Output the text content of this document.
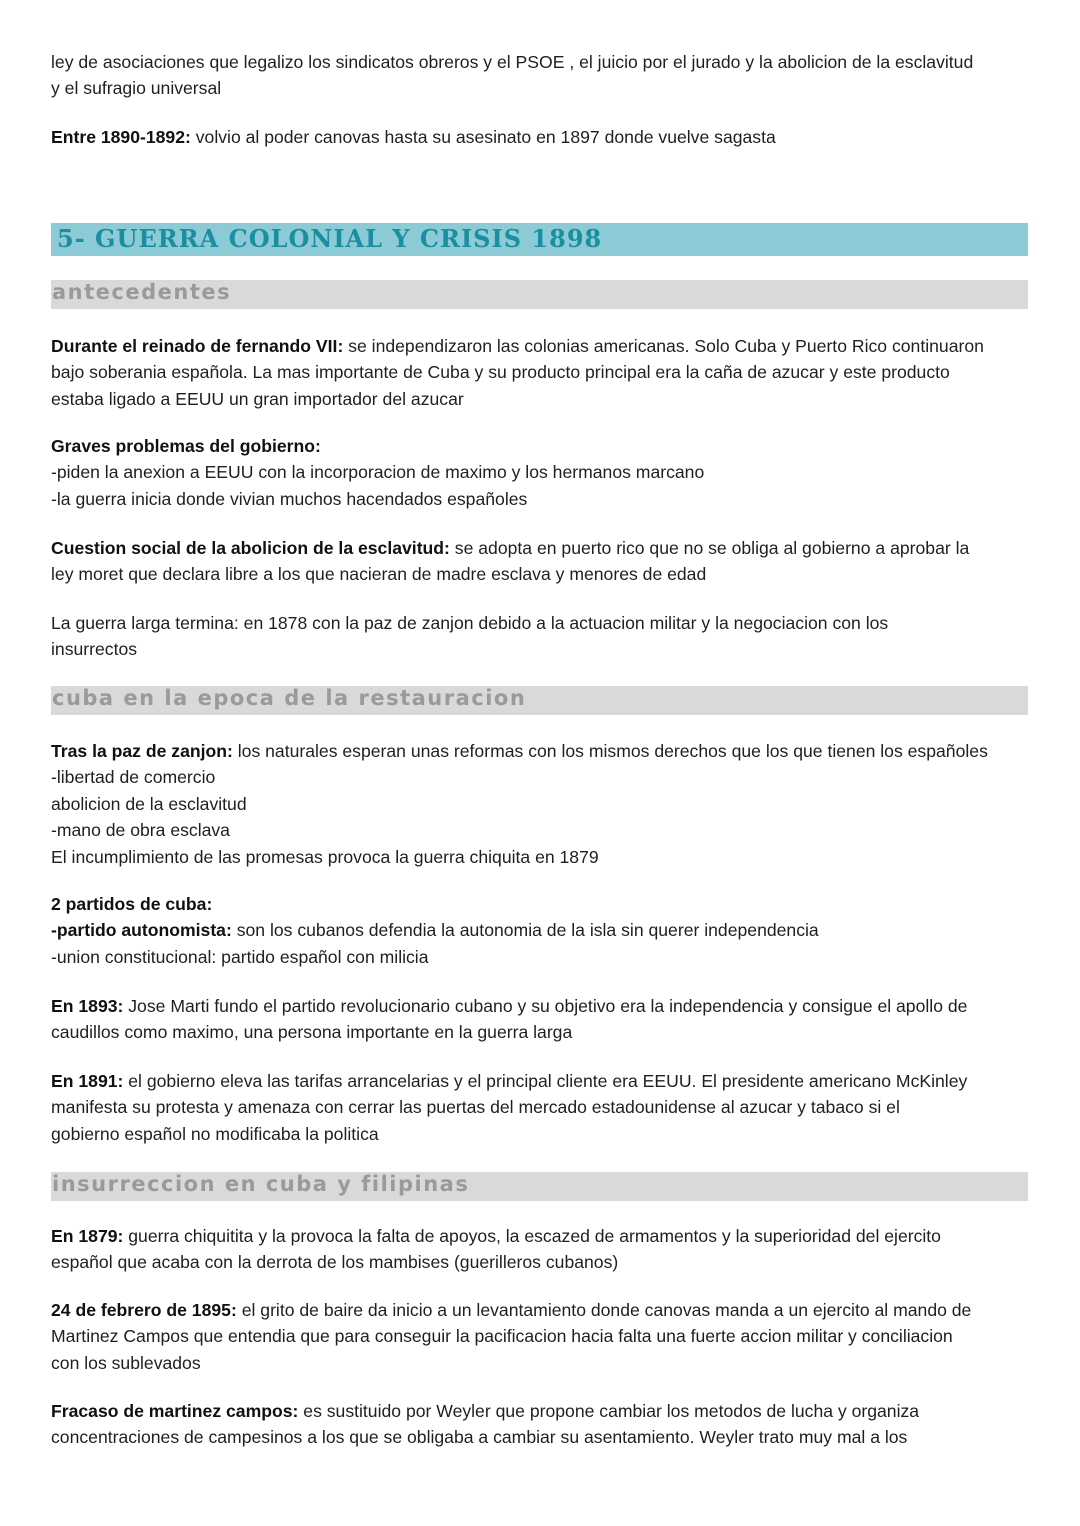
5- GUERRA COLONIAL Y CRISIS 1898
antecedentes
cuba en la epoca de la restauracion
insurreccion en cuba y filipinas
ley de asociaciones que legalizo los sindicatos obreros y el PSOE , el juicio por el jurado y la abolicion de la esclavitud
y el sufragio universal
Entre 1890-1892: volvio al poder canovas hasta su asesinato en 1897 donde vuelve sagasta
Durante el reinado de fernando VII: se independizaron las colonias americanas. Solo Cuba y Puerto Rico continuaron
bajo soberania española. La mas importante de Cuba y su producto principal era la caña de azucar y este producto
estaba ligado a EEUU un gran importador del azucar
Graves problemas del gobierno:
-piden la anexion a EEUU con la incorporacion de maximo y los hermanos marcano
-la guerra inicia donde vivian muchos hacendados españoles
Cuestion social de la abolicion de la esclavitud: se adopta en puerto rico que no se obliga al gobierno a aprobar la
ley moret que declara libre a los que nacieran de madre esclava y menores de edad
La guerra larga termina: en 1878 con la paz de zanjon debido a la actuacion militar y la negociacion con los
insurrectos
Tras la paz de zanjon: los naturales esperan unas reformas con los mismos derechos que los que tienen los españoles
-libertad de comercio
abolicion de la esclavitud
-mano de obra esclava
El incumplimiento de las promesas provoca la guerra chiquita en 1879
2 partidos de cuba:
-partido autonomista: son los cubanos defendia la autonomia de la isla sin querer independencia
-union constitucional: partido español con milicia
En 1893: Jose Marti fundo el partido revolucionario cubano y su objetivo era la independencia y consigue el apollo de
caudillos como maximo, una persona importante en la guerra larga
En 1891: el gobierno eleva las tarifas arrancelarias y el principal cliente era EEUU. El presidente americano McKinley
manifesta su protesta y amenaza con cerrar las puertas del mercado estadounidense al azucar y tabaco si el
gobierno español no modificaba la politica
En 1879: guerra chiquitita y la provoca la falta de apoyos, la escazed de armamentos y la superioridad del ejercito
español que acaba con la derrota de los mambises (guerilleros cubanos)
24 de febrero de 1895: el grito de baire da inicio a un levantamiento donde canovas manda a un ejercito al mando de
Martinez Campos que entendia que para conseguir la pacificacion hacia falta una fuerte accion militar y conciliacion
con los sublevados
Fracaso de martinez campos: es sustituido por Weyler que propone cambiar los metodos de lucha y organiza
concentraciones de campesinos a los que se obligaba a cambiar su asentamiento. Weyler trato muy mal a los
